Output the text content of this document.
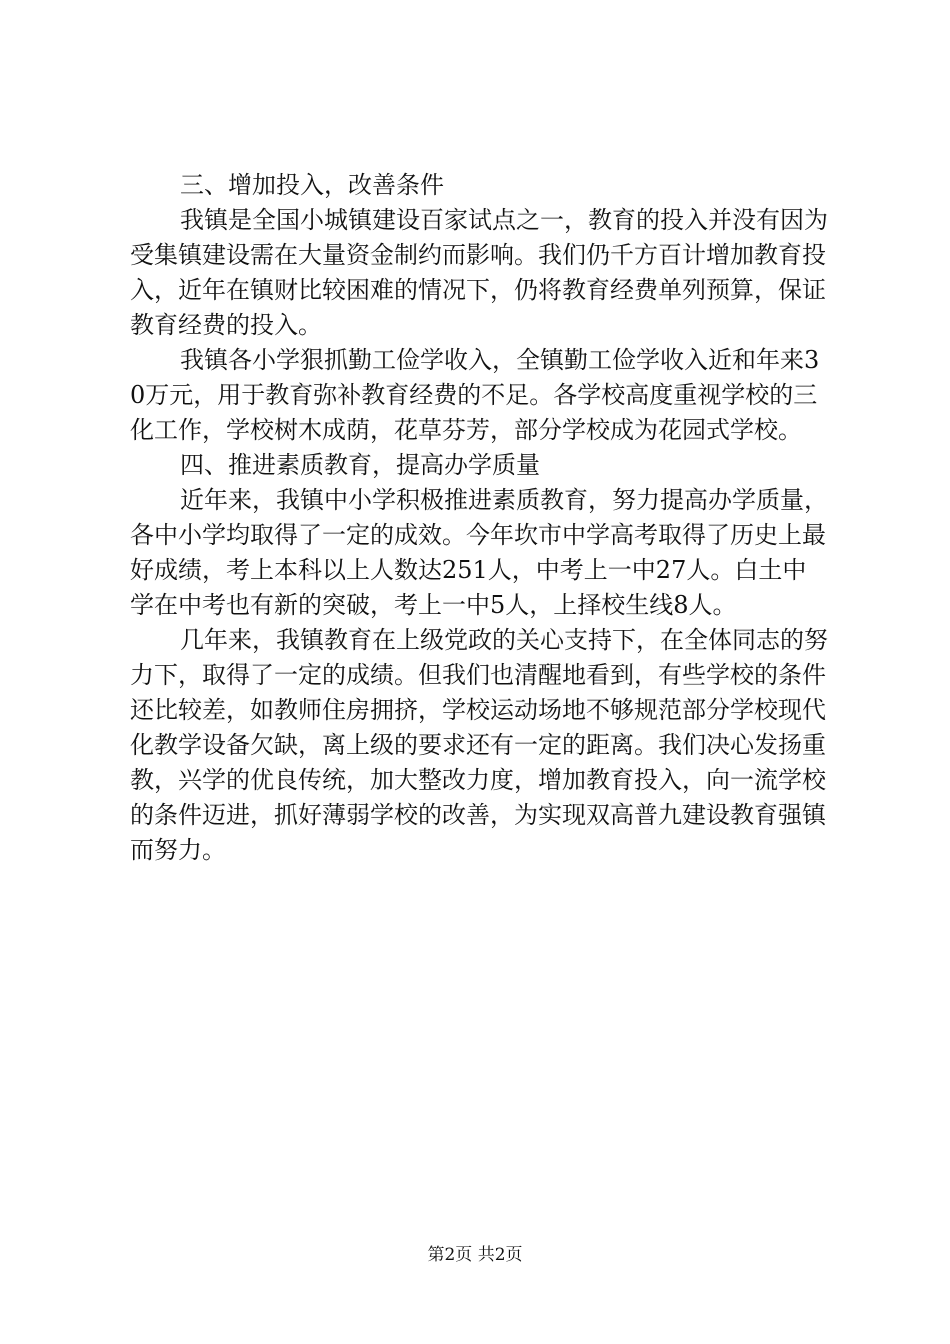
三、增加投入，改善条件

我镇是全国小城镇建设百家试点之一，教育的投入并没有因为受集镇建设需在大量资金制约而影响。我们仍千方百计增加教育投入，近年在镇财比较困难的情况下，仍将教育经费单列预算，保证教育经费的投入。

我镇各小学狠抓勤工俭学收入，全镇勤工俭学收入近和年来30万元，用于教育弥补教育经费的不足。各学校高度重视学校的三化工作，学校树木成荫，花草芬芳，部分学校成为花园式学校。

四、推进素质教育，提高办学质量

近年来，我镇中小学积极推进素质教育，努力提高办学质量，各中小学均取得了一定的成效。今年坎市中学高考取得了历史上最好成绩，考上本科以上人数达251人，中考上一中27人。白土中学在中考也有新的突破，考上一中5人，上择校生线8人。

几年来，我镇教育在上级党政的关心支持下，在全体同志的努力下，取得了一定的成绩。但我们也清醒地看到，有些学校的条件还比较差，如教师住房拥挤，学校运动场地不够规范部分学校现代化教学设备欠缺，离上级的要求还有一定的距离。我们决心发扬重教，兴学的优良传统，加大整改力度，增加教育投入，向一流学校的条件迈进，抓好薄弱学校的改善，为实现双高普九建设教育强镇而努力。

第2页 共2页
